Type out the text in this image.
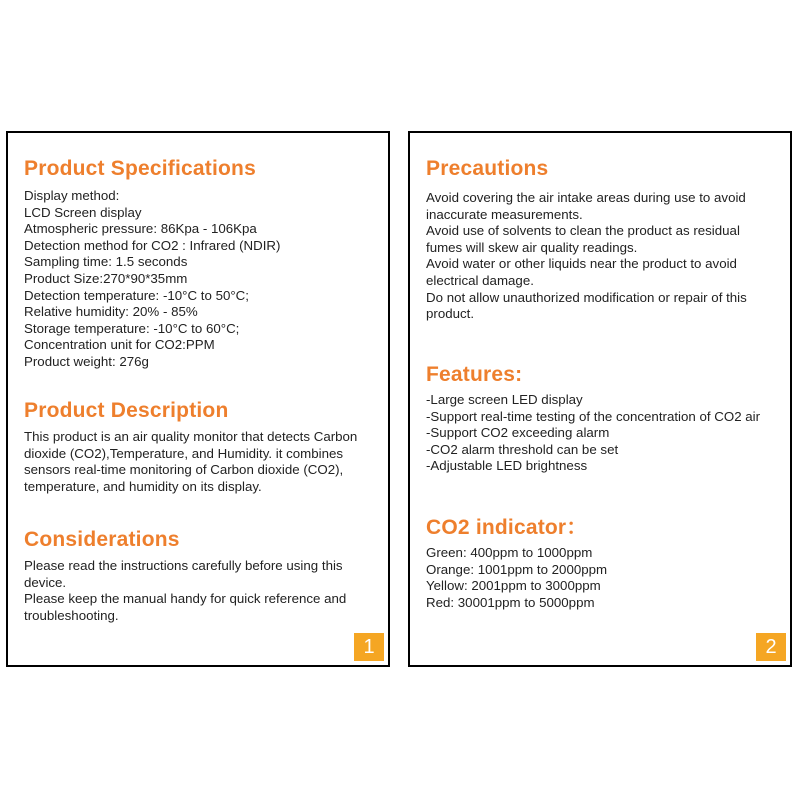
Product Specifications
Display method:
LCD Screen display
Atmospheric pressure: 86Kpa - 106Kpa
Detection method for CO2 : Infrared (NDIR)
Sampling time: 1.5 seconds
Product Size:270*90*35mm
Detection temperature: -10°C to 50°C;
Relative humidity: 20% - 85%
Storage temperature: -10°C to 60°C;
Concentration unit for CO2:PPM
Product weight: 276g
Product Description
This product is an air quality monitor that detects Carbon
dioxide (CO2),Temperature, and Humidity. it combines
sensors real-time monitoring of Carbon dioxide (CO2),
temperature, and humidity on its display.
Considerations
Please read the instructions carefully before using this
device.
Please keep the manual handy for quick reference and
troubleshooting.
1
Precautions
Avoid covering the air intake areas during use to avoid
inaccurate measurements.
Avoid use of solvents to clean the product as residual
fumes will skew air quality readings.
Avoid water or other liquids near the product to avoid
electrical damage.
Do not allow unauthorized modification or repair of this
product.
Features:
-Large screen LED display
-Support real-time testing of the concentration of CO2 air
-Support CO2 exceeding alarm
-CO2 alarm threshold can be set
-Adjustable LED brightness
CO2 indicator：
Green: 400ppm to 1000ppm
Orange: 1001ppm to 2000ppm
Yellow: 2001ppm to 3000ppm
Red: 30001ppm to 5000ppm
2
